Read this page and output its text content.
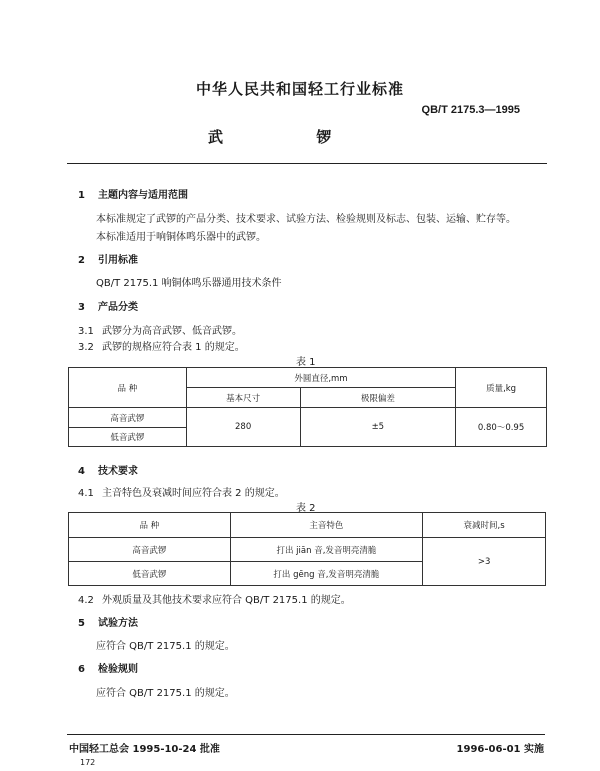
中华人民共和国轻工行业标准
QB/T 2175.3—1995
武 锣
1 主题内容与适用范围
本标准规定了武锣的产品分类、技术要求、试验方法、检验规则及标志、包装、运输、贮存等。
本标准适用于响铜体鸣乐器中的武锣。
2 引用标准
QB/T 2175.1 响铜体鸣乐器通用技术条件
3 产品分类
3.1 武锣分为高音武锣、低音武锣。
3.2 武锣的规格应符合表 1 的规定。
表 1
品 种	外圆直径,mm		质量,kg
	基本尺寸	极限偏差	
高音武锣	280	±5	0.80～0.95
低音武锣			
4 技术要求
4.1 主音特色及衰减时间应符合表 2 的规定。
表 2
品 种	主音特色	衰减时间,s
高音武锣	打出 jiān 音,发音明亮清脆	>3
低音武锣	打出 gēng 音,发音明亮清脆	
4.2 外观质量及其他技术要求应符合 QB/T 2175.1 的规定。
5 试验方法
应符合 QB/T 2175.1 的规定。
6 检验规则
应符合 QB/T 2175.1 的规定。
中国轻工总会 1995-10-24 批准	1996-06-01 实施
172
